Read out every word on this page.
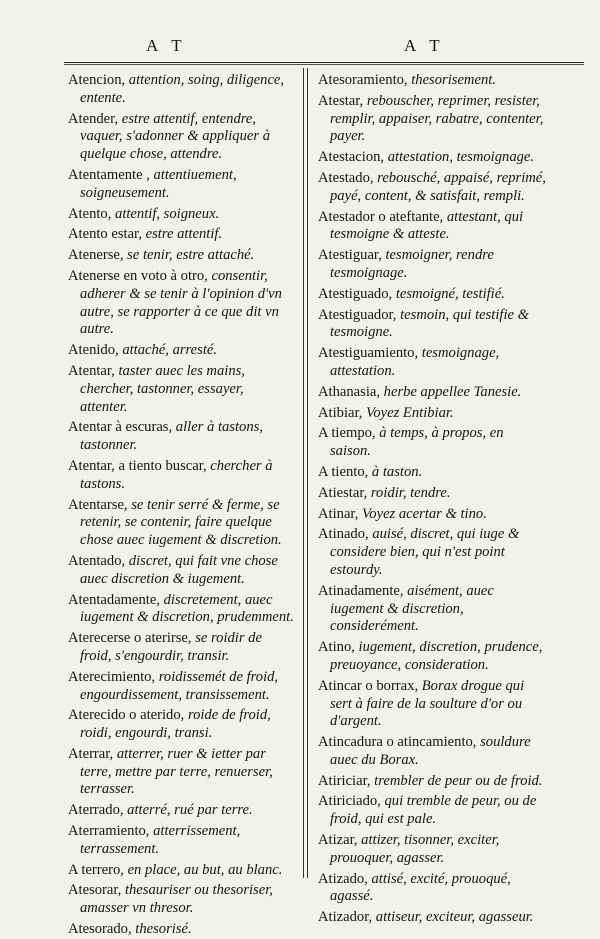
A T	A T

Atencion, attention, soing, diligence, entente.

Atender, estre attentif, entendre, vaquer, s'adonner & appliquer à quelque chose, attendre.

Atentamente , attentiuement, soigneusement.

Atento, attentif, soigneux.

Atento estar, estre attentif.

Atenerse, se tenir, estre attaché.

Atenerse en voto à otro, consentir, adherer & se tenir à l'opinion d'vn autre, se rapporter à ce que dit vn autre.

Atenido, attaché, arresté.

Atentar, taster auec les mains, chercher, tastonner, essayer, attenter.

Atentar à escuras, aller à tastons, tastonner.

Atentar, a tiento buscar, chercher à tastons.

Atentarse, se tenir serré & ferme, se retenir, se contenir, faire quelque chose auec iugement & discretion.

Atentado, discret, qui fait vne chose auec discretion & iugement.

Atentadamente, discretement, auec iugement & discretion, prudemment.

Aterecerse o aterirse, se roidir de froid, s'engourdir, transir.

Aterecimiento, roidissemét de froid, engourdissement, transissement.

Aterecido o aterido, roide de froid, roidi, engourdi, transi.

Aterrar, atterrer, ruer & ietter par terre, mettre par terre, renuerser, terrasser.

Aterrado, atterré, rué par terre.

Aterramiento, atterrissement, terrassement.

A terrero, en place, au but, au blanc.

Atesorar, thesauriser ou thesoriser, amasser vn thresor.

Atesorado, thesorisé.

Atesoramiento, thesorisement.

Atestar, rebouscher, reprimer, resister, remplir, appaiser, rabatre, contenter, payer.

Atestacion, attestation, tesmoignage.

Atestado, rebousché, appaisé, reprimé, payé, content, & satisfait, rempli.

Atestador o ateftante, attestant, qui tesmoigne & atteste.

Atestiguar, tesmoigner, rendre tesmoignage.

Atestiguado, tesmoigné, testifié.

Atestiguador, tesmoin, qui testifie & tesmoigne.

Atestiguamiento, tesmoignage, attestation.

Athanasia, herbe appellee Tanesie.

Atibiar, Voyez Entibiar.

A tiempo, à temps, à propos, en saison.

A tiento, à taston.

Atiestar, roidir, tendre.

Atinar, Voyez acertar & tino.

Atinado, auisé, discret, qui iuge & considere bien, qui n'est point estourdy.

Atinadamente, aisément, auec iugement & discretion, considerément.

Atino, iugement, discretion, prudence, preuoyance, consideration.

Atincar o borrax, Borax drogue qui sert à faire de la soulture d'or ou d'argent.

Atincadura o atincamiento, souldure auec du Borax.

Atiriciar, trembler de peur ou de froid.

Atiriciado, qui tremble de peur, ou de froid, qui est pale.

Atizar, attizer, tisonner, exciter, prouoquer, agasser.

Atizado, attisé, excité, prouoqué, agassé.

Atizador, attiseur, exciteur, agasseur.
